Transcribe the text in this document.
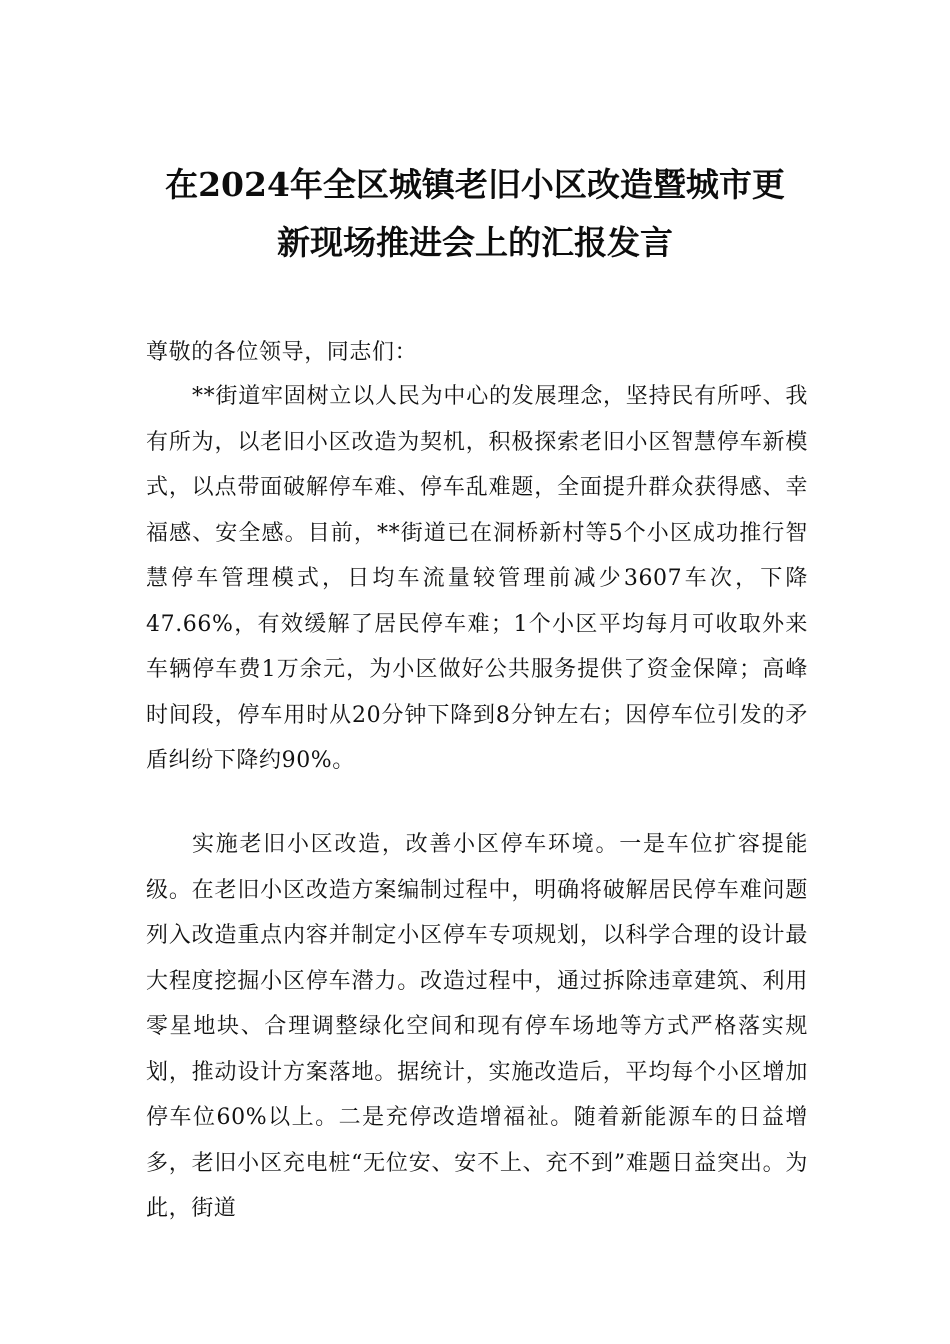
在2024年全区城镇老旧小区改造暨城市更
新现场推进会上的汇报发言
尊敬的各位领导，同志们：
**街道牢固树立以人民为中心的发展理念，坚持民有所呼、我有所为，以老旧小区改造为契机，积极探索老旧小区智慧停车新模式，以点带面破解停车难、停车乱难题，全面提升群众获得感、幸福感、安全感。目前，**街道已在洞桥新村等5个小区成功推行智慧停车管理模式，日均车流量较管理前减少3607车次，下降47.66%，有效缓解了居民停车难；1个小区平均每月可收取外来车辆停车费1万余元，为小区做好公共服务提供了资金保障；高峰时间段，停车用时从20分钟下降到8分钟左右；因停车位引发的矛盾纠纷下降约90%。
实施老旧小区改造，改善小区停车环境。一是车位扩容提能级。在老旧小区改造方案编制过程中，明确将破解居民停车难问题列入改造重点内容并制定小区停车专项规划，以科学合理的设计最大程度挖掘小区停车潜力。改造过程中，通过拆除违章建筑、利用零星地块、合理调整绿化空间和现有停车场地等方式严格落实规划，推动设计方案落地。据统计，实施改造后，平均每个小区增加停车位60%以上。二是充停改造增福祉。随着新能源车的日益增多，老旧小区充电桩“无位安、安不上、充不到”难题日益突出。为此，街道
